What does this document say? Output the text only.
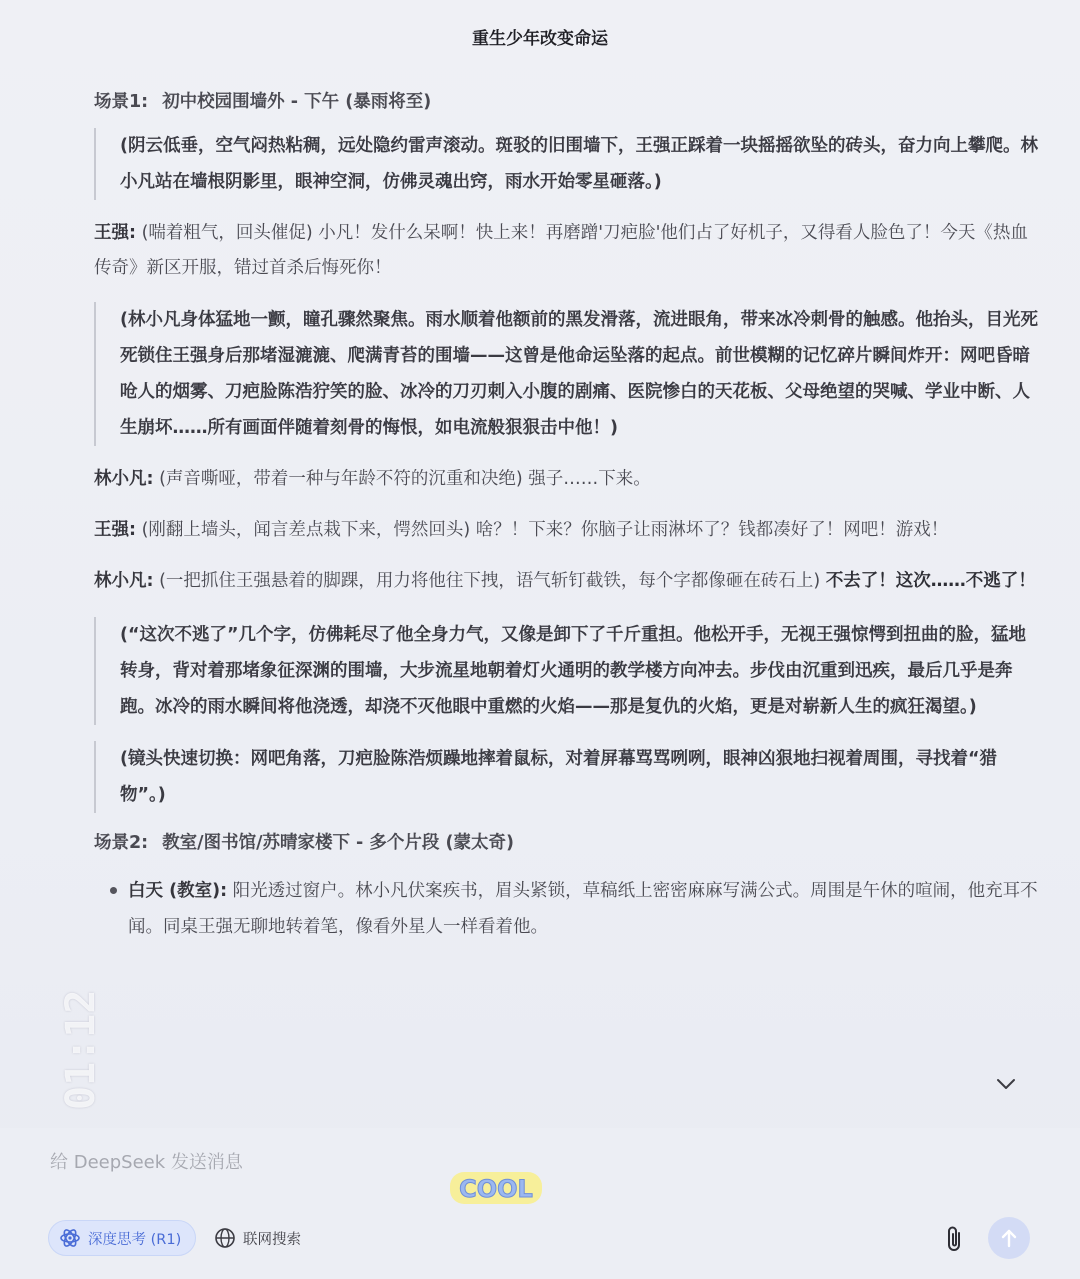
重生少年改变命运
场景1: 初中校园围墙外 - 下午 (暴雨将至)
(阴云低垂，空气闷热粘稠，远处隐约雷声滚动。斑驳的旧围墙下，王强正踩着一块摇摇欲坠的砖头，奋力向上攀爬。林小凡站在墙根阴影里，眼神空洞，仿佛灵魂出窍，雨水开始零星砸落。)
王强: (喘着粗气，回头催促) 小凡！发什么呆啊！快上来！再磨蹭'刀疤脸'他们占了好机子，又得看人脸色了！今天《热血传奇》新区开服，错过首杀后悔死你！
(林小凡身体猛地一颤，瞳孔骤然聚焦。雨水顺着他额前的黑发滑落，流进眼角，带来冰冷刺骨的触感。他抬头，目光死死锁住王强身后那堵湿漉漉、爬满青苔的围墙——这曾是他命运坠落的起点。前世模糊的记忆碎片瞬间炸开：网吧昏暗呛人的烟雾、刀疤脸陈浩狞笑的脸、冰冷的刀刃刺入小腹的剧痛、医院惨白的天花板、父母绝望的哭喊、学业中断、人生崩坏……所有画面伴随着刻骨的悔恨，如电流般狠狠击中他！)
林小凡: (声音嘶哑，带着一种与年龄不符的沉重和决绝) 强子……下来。
王强: (刚翻上墙头，闻言差点栽下来，愕然回头) 啥？！下来？你脑子让雨淋坏了？钱都凑好了！网吧！游戏！
林小凡: (一把抓住王强悬着的脚踝，用力将他往下拽，语气斩钉截铁，每个字都像砸在砖石上) 不去了！这次……不逃了！
(“这次不逃了”几个字，仿佛耗尽了他全身力气，又像是卸下了千斤重担。他松开手，无视王强惊愕到扭曲的脸，猛地转身，背对着那堵象征深渊的围墙，大步流星地朝着灯火通明的教学楼方向冲去。步伐由沉重到迅疾，最后几乎是奔跑。冰冷的雨水瞬间将他浇透，却浇不灭他眼中重燃的火焰——那是复仇的火焰，更是对崭新人生的疯狂渴望。)
(镜头快速切换：网吧角落，刀疤脸陈浩烦躁地摔着鼠标，对着屏幕骂骂咧咧，眼神凶狠地扫视着周围，寻找着“猎物”。)
场景2: 教室/图书馆/苏晴家楼下 - 多个片段 (蒙太奇)
白天 (教室): 阳光透过窗户。林小凡伏案疾书，眉头紧锁，草稿纸上密密麻麻写满公式。周围是午休的喧闹，他充耳不闻。同桌王强无聊地转着笔，像看外星人一样看着他。
01:12
给 DeepSeek 发送消息
COOL
深度思考 (R1)	联网搜索
